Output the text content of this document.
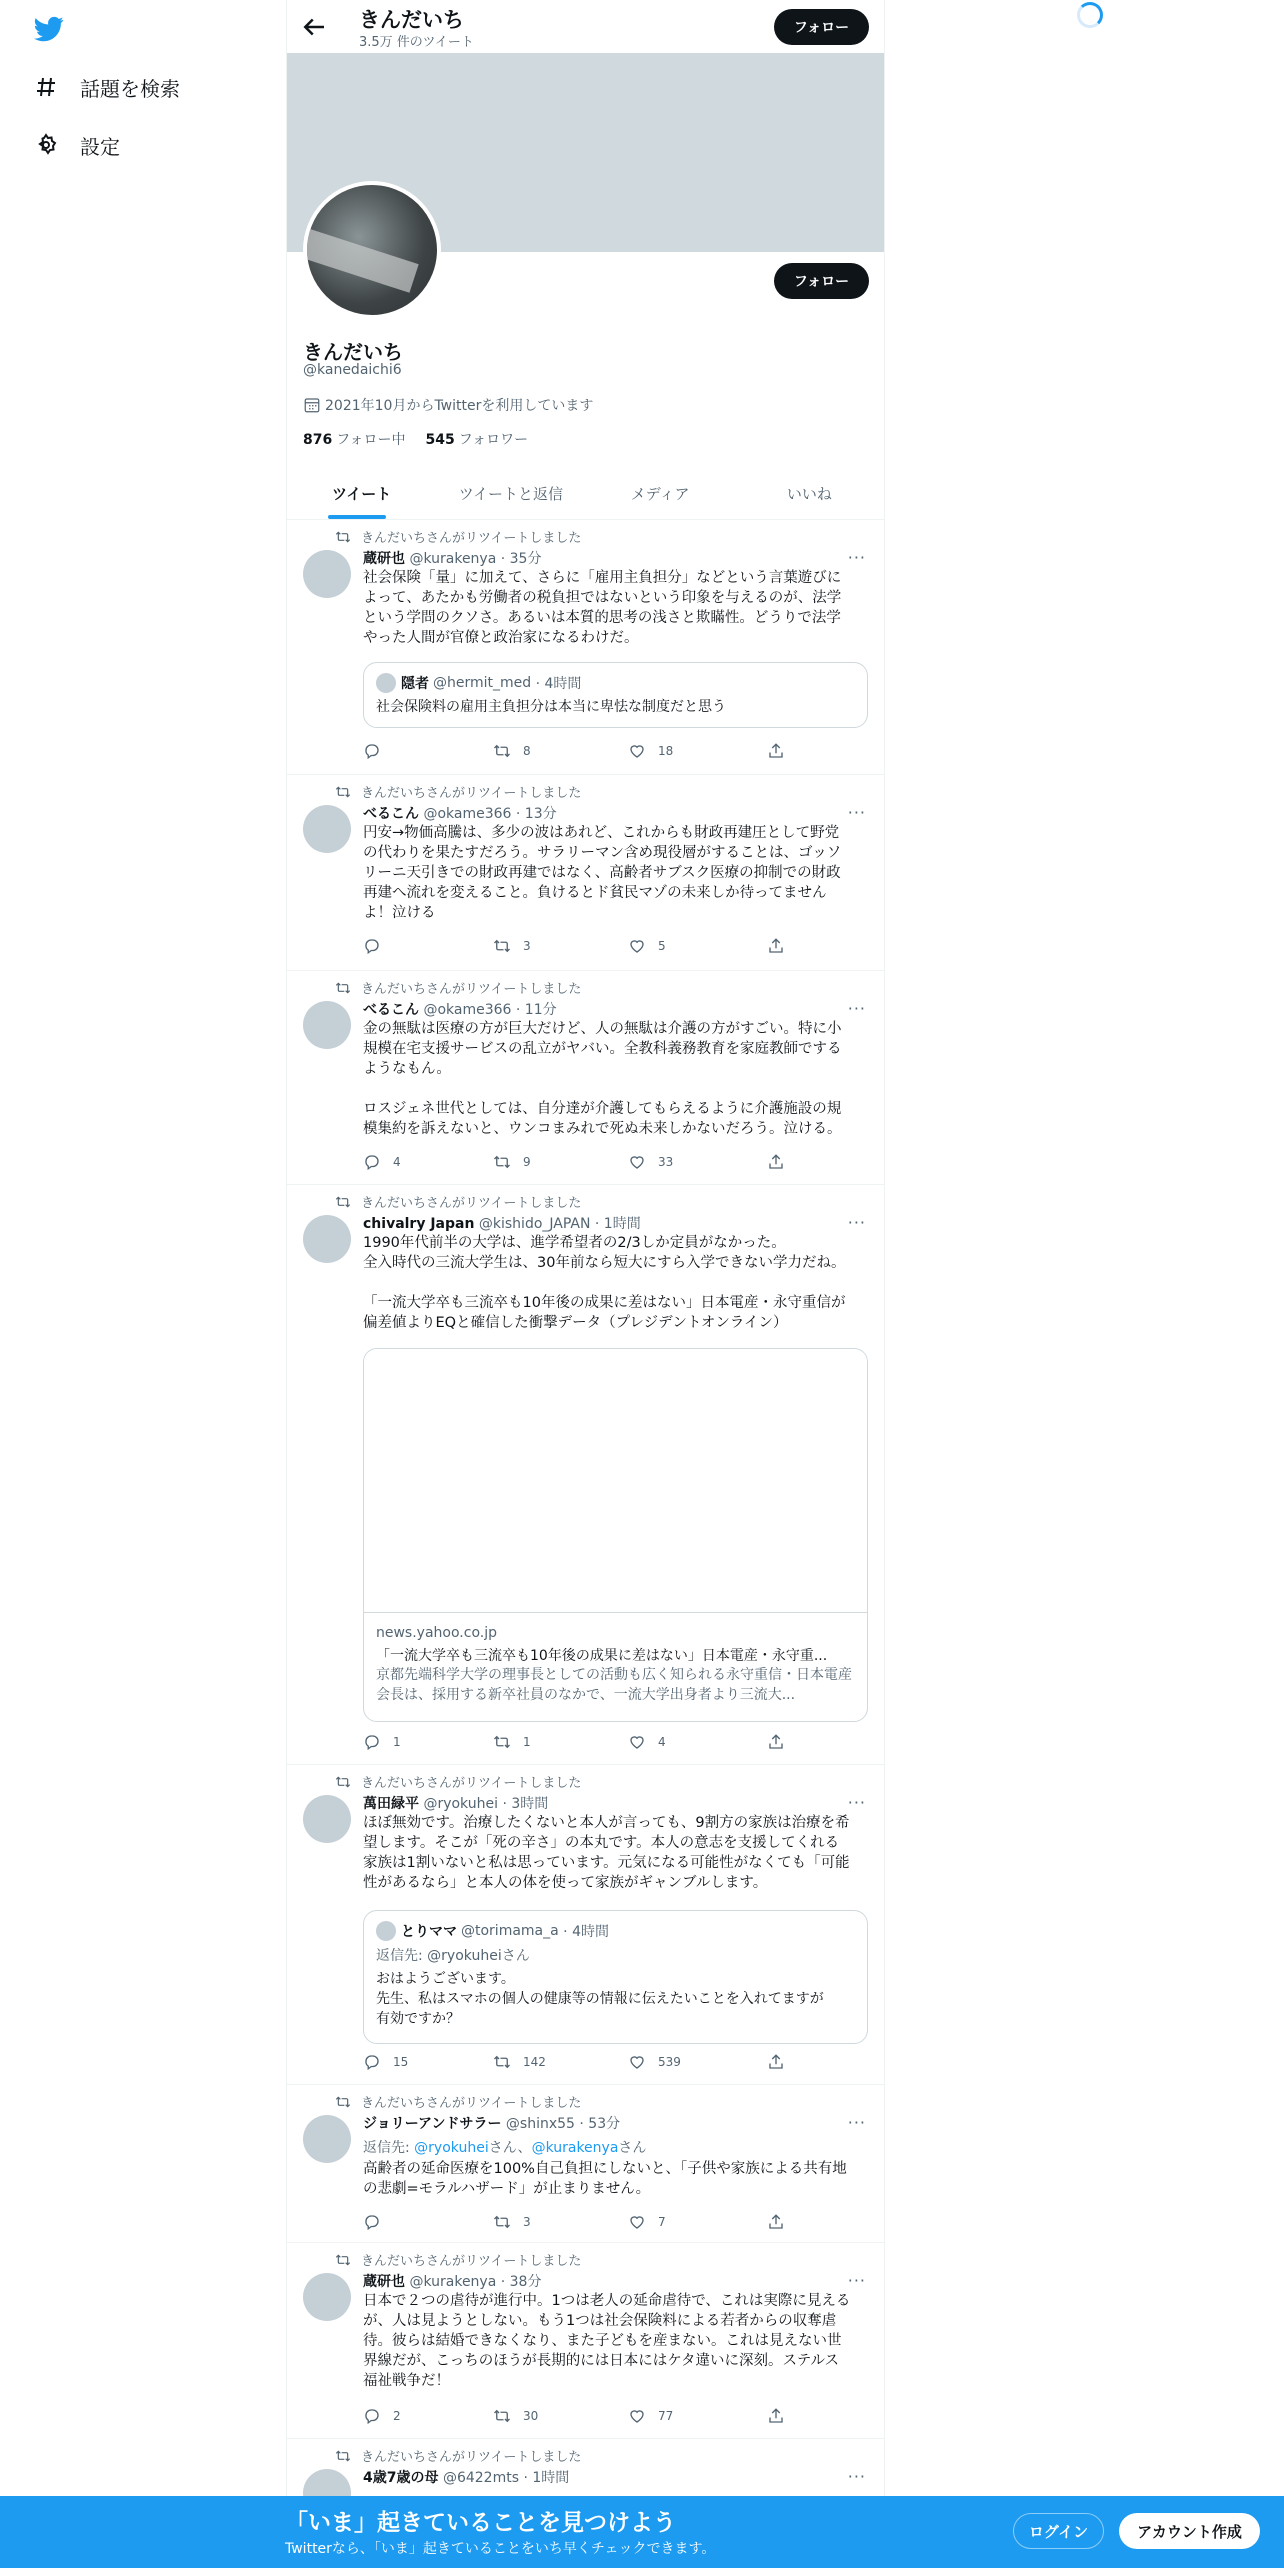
話題を検索
設定
きんだいち
3.5万 件のツイート
フォロー
フォロー
きんだいち
@kanedaichi6
2021年10月からTwitterを利用しています
876 フォロー中 545 フォロワー
ツイート	ツイートと返信	メディア	いいね
きんだいちさんがリツイートしました
蔵研也 @kurakenya · 35分	···
社会保険「量」に加えて、さらに「雇用主負担分」などという言葉遊びに
よって、あたかも労働者の税負担ではないという印象を与えるのが、法学
という学問のクソさ。あるいは本質的思考の浅さと欺瞞性。どうりで法学
やった人間が官僚と政治家になるわけだ。
隠者 @hermit_med
· 4時間
社会保険料の雇用主負担分は本当に卑怯な制度だと思う
8	18
きんだいちさんがリツイートしました
べるこん @okame366 · 13分	···
円安→物価高騰は、多少の波はあれど、これからも財政再建圧として野党
の代わりを果たすだろう。サラリーマン含め現役層がすることは、ゴッソ
リーニ天引きでの財政再建ではなく、高齢者サブスク医療の抑制での財政
再建へ流れを変えること。負けるとド貧民マゾの未来しか待ってません
よ！泣ける
3	5
きんだいちさんがリツイートしました
べるこん @okame366 · 11分	···
金の無駄は医療の方が巨大だけど、人の無駄は介護の方がすごい。特に小
規模在宅支援サービスの乱立がヤバい。全教科義務教育を家庭教師でする
ようなもん。

ロスジェネ世代としては、自分達が介護してもらえるように介護施設の規
模集約を訴えないと、ウンコまみれで死ぬ未来しかないだろう。泣ける。
4	9	33
きんだいちさんがリツイートしました
chivalry Japan @kishido_JAPAN · 1時間	···
1990年代前半の大学は、進学希望者の2/3しか定員がなかった。
全入時代の三流大学生は、30年前なら短大にすら入学できない学力だね。

「一流大学卒も三流卒も10年後の成果に差はない」日本電産・永守重信が
偏差値よりEQと確信した衝撃データ（プレジデントオンライン）
news.yahoo.co.jp
「一流大学卒も三流卒も10年後の成果に差はない」日本電産・永守重...
京都先端科学大学の理事長としての活動も広く知られる永守重信・日本電産会長は、採用する新卒社員のなかで、一流大学出身者より三流大...
1	1	4
きんだいちさんがリツイートしました
萬田緑平 @ryokuhei · 3時間	···
ほぼ無効です。治療したくないと本人が言っても、9割方の家族は治療を希
望します。そこが「死の辛さ」の本丸です。本人の意志を支援してくれる
家族は1割いないと私は思っています。元気になる可能性がなくても「可能
性があるなら」と本人の体を使って家族がギャンブルします。
とりママ @torimama_a
· 4時間
返信先: @ryokuheiさん
おはようございます。
先生、私はスマホの個人の健康等の情報に伝えたいことを入れてますが
有効ですか？
15	142	539
きんだいちさんがリツイートしました
ジョリーアンドサラー @shinx55 · 53分	···
返信先: @ryokuheiさん、@kurakenyaさん
高齢者の延命医療を100%自己負担にしないと、「子供や家族による共有地
の悲劇=モラルハザード」が止まりません。
3	7
きんだいちさんがリツイートしました
蔵研也 @kurakenya · 38分	···
日本で２つの虐待が進行中。1つは老人の延命虐待で、これは実際に見える
が、人は見ようとしない。もう1つは社会保険料による若者からの収奪虐
待。彼らは結婚できなくなり、また子どもを産まない。これは見えない世
界線だが、こっちのほうが長期的には日本にはケタ違いに深刻。ステルス
福祉戦争だ！
2	30	77
きんだいちさんがリツイートしました
4歳7歳の母 @6422mts · 1時間	···
「いま」起きていることを見つけよう
Twitterなら、「いま」起きていることをいち早くチェックできます。
ログイン	アカウント作成
